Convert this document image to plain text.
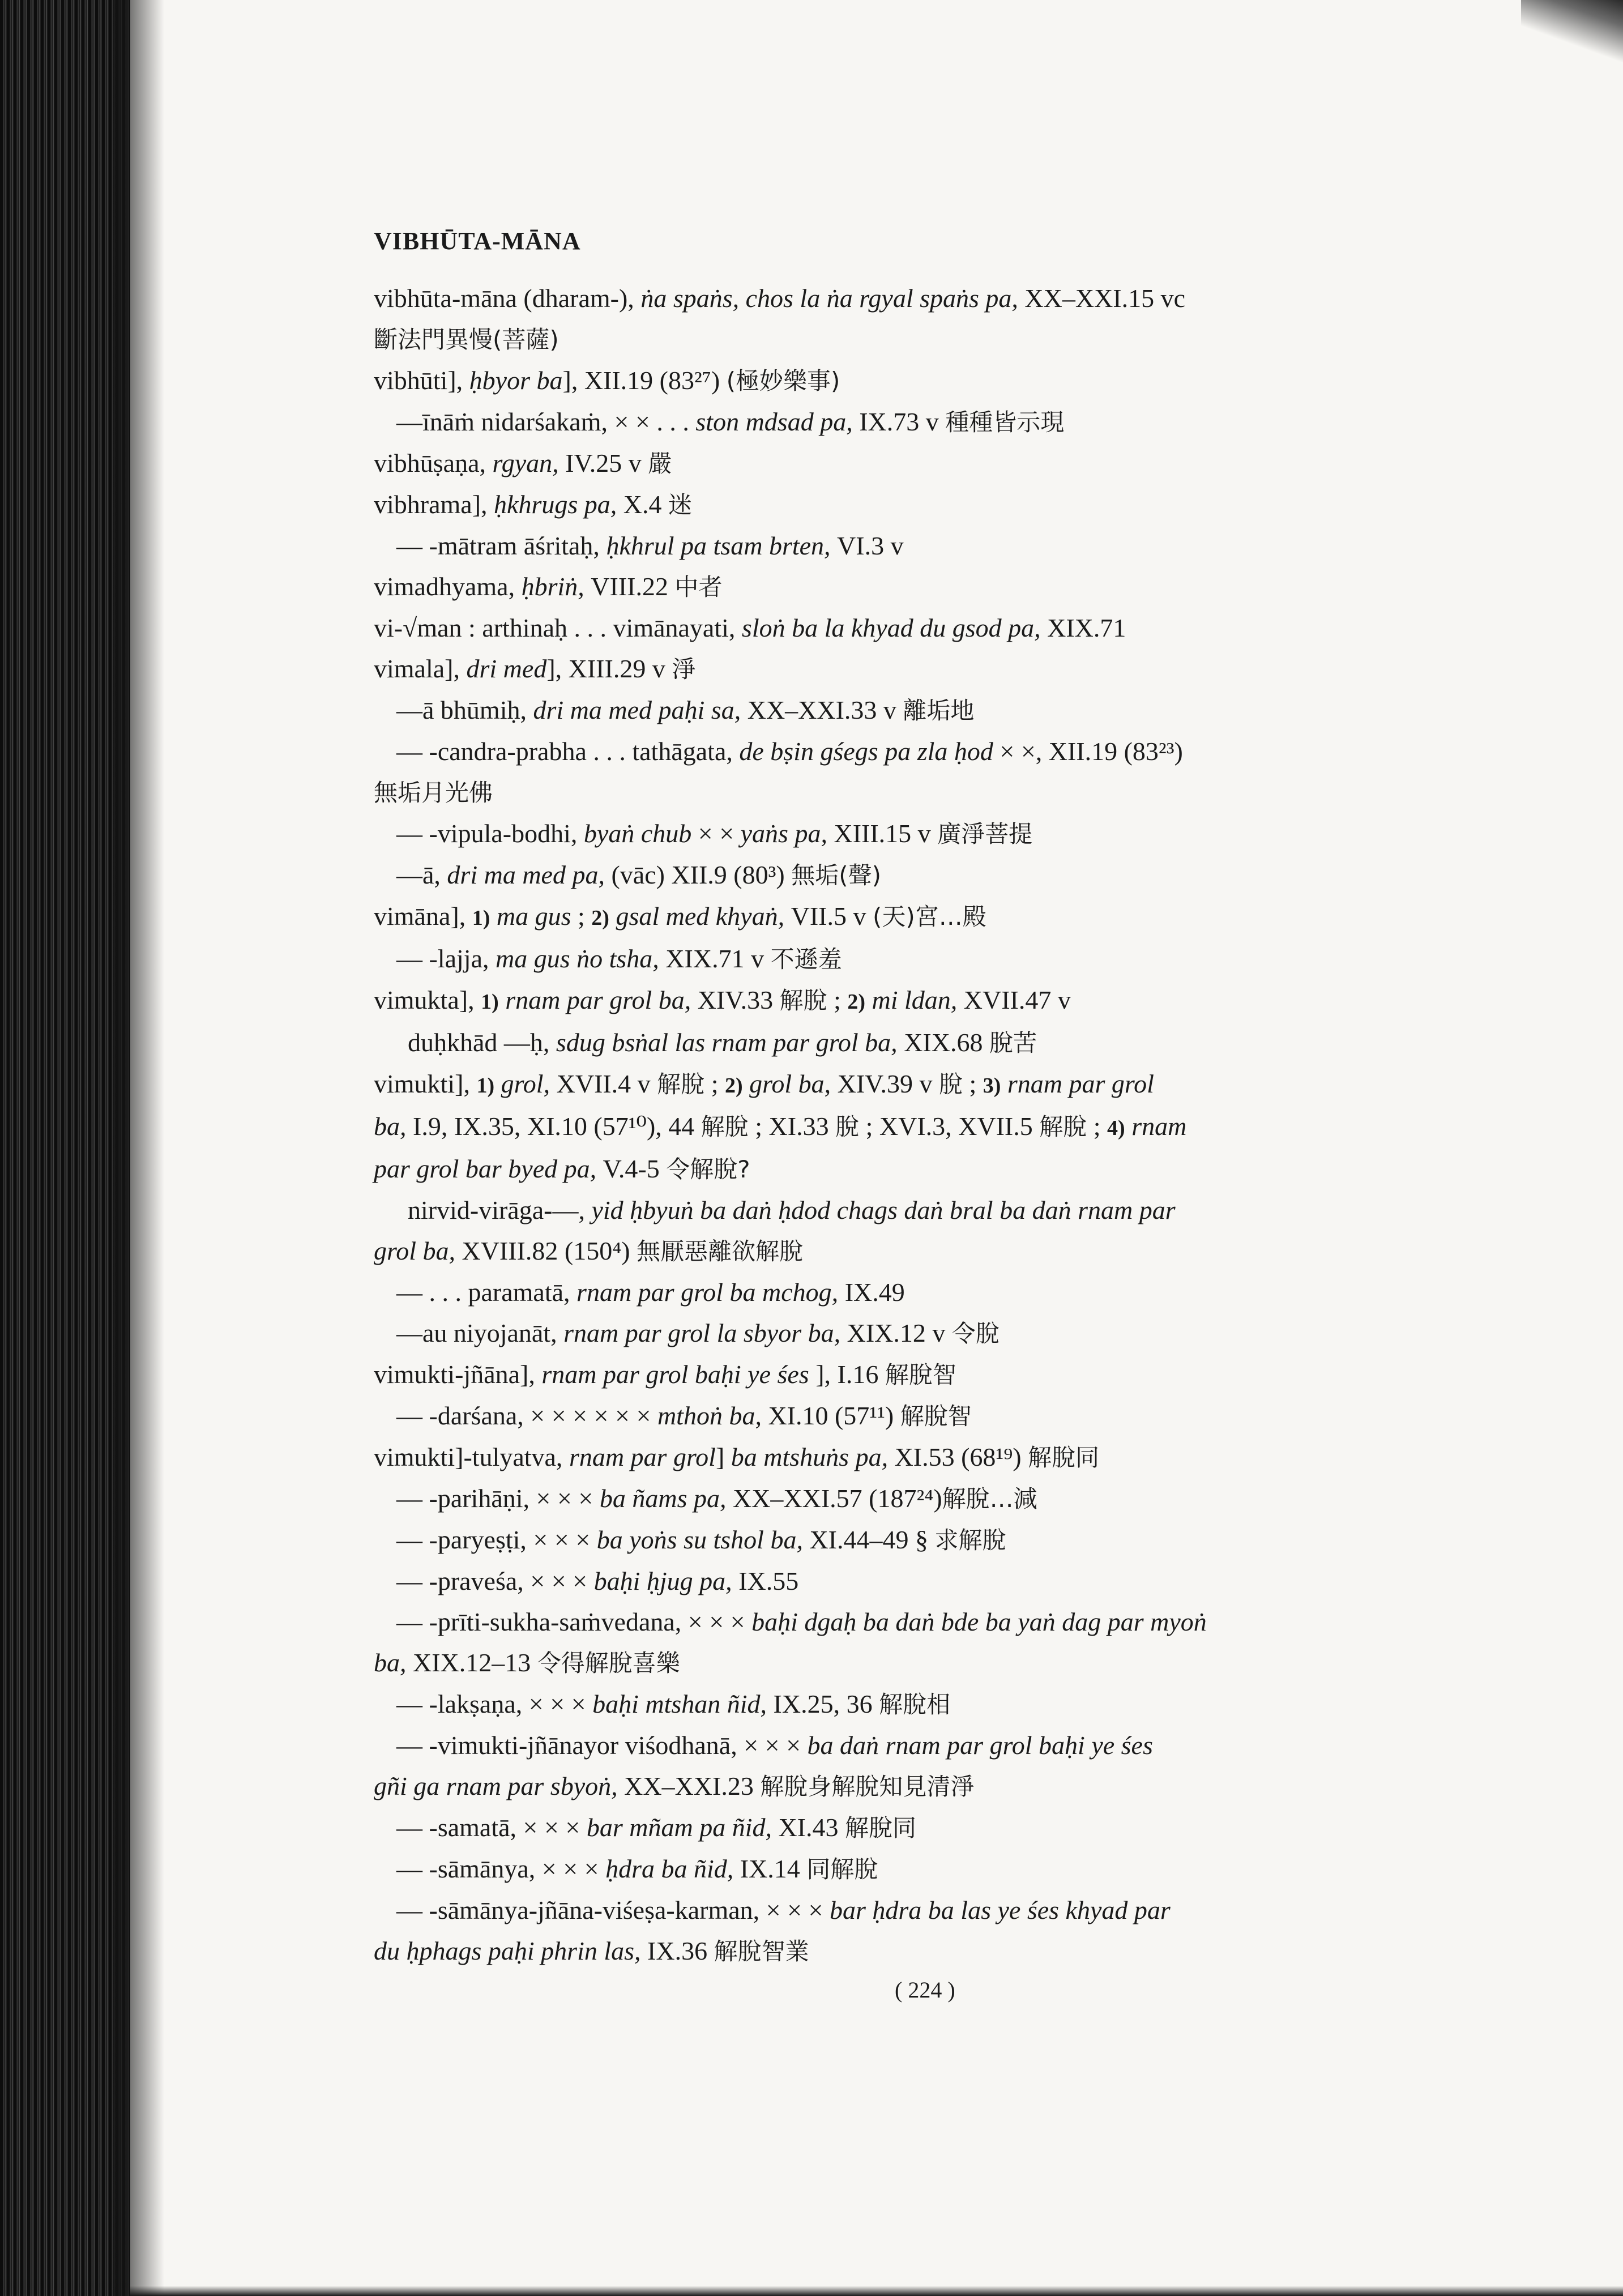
VIBHŪTA-MĀNA
vibhūta-māna (dharam-), ṅa spaṅs, chos la ṅa rgyal spaṅs pa, XX–XXI.15 vc
斷法門異慢(菩薩)
vibhūti], ḥbyor ba], XII.19 (83²⁷) (極妙樂事)
—īnāṁ nidarśakaṁ, × × . . . ston mdsad pa, IX.73 v 種種皆示現
vibhūṣaṇa, rgyan, IV.25 v 嚴
vibhrama], ḥkhrugs pa, X.4 迷
— -mātram āśritaḥ, ḥkhrul pa tsam brten, VI.3 v
vimadhyama, ḥbriṅ, VIII.22 中者
vi-√man : arthinaḥ . . . vimānayati, sloṅ ba la khyad du gsod pa, XIX.71
vimala], dri med], XIII.29 v 淨
—ā bhūmiḥ, dri ma med paḥi sa, XX–XXI.33 v 離垢地
— -candra-prabha . . . tathāgata, de bṣin gśegs pa zla ḥod × ×, XII.19 (83²³)
無垢月光佛
— -vipula-bodhi, byaṅ chub × × yaṅs pa, XIII.15 v 廣淨菩提
—ā, dri ma med pa, (vāc) XII.9 (80³) 無垢(聲)
vimāna], 1) ma gus ; 2) gsal med khyaṅ, VII.5 v (天)宮…殿
— -lajja, ma gus ṅo tsha, XIX.71 v 不遜羞
vimukta], 1) rnam par grol ba, XIV.33 解脫 ; 2) mi ldan, XVII.47 v
duḥkhād —ḥ, sdug bsṅal las rnam par grol ba, XIX.68 脫苦
vimukti], 1) grol, XVII.4 v 解脫 ; 2) grol ba, XIV.39 v 脫 ; 3) rnam par grol
ba, I.9, IX.35, XI.10 (57¹⁰), 44 解脫 ; XI.33 脫 ; XVI.3, XVII.5 解脫 ; 4) rnam
par grol bar byed pa, V.4-5 令解脫?
nirvid-virāga-—, yid ḥbyuṅ ba daṅ ḥdod chags daṅ bral ba daṅ rnam par
grol ba, XVIII.82 (150⁴) 無厭惡離欲解脫
— . . . paramatā, rnam par grol ba mchog, IX.49
—au niyojanāt, rnam par grol la sbyor ba, XIX.12 v 令脫
vimukti-jñāna], rnam par grol baḥi ye śes ], I.16 解脫智
— -darśana, × × × × × × mthoṅ ba, XI.10 (57¹¹) 解脫智
vimukti]-tulyatva, rnam par grol] ba mtshuṅs pa, XI.53 (68¹⁹) 解脫同
— -parihāṇi, × × × ba ñams pa, XX–XXI.57 (187²⁴)解脫…減
— -paryeṣṭi, × × × ba yoṅs su tshol ba, XI.44–49 § 求解脫
— -praveśa, × × × baḥi ḥjug pa, IX.55
— -prīti-sukha-saṁvedana, × × × baḥi dgaḥ ba daṅ bde ba yaṅ dag par myoṅ
ba, XIX.12–13 令得解脫喜樂
— -lakṣaṇa, × × × baḥi mtshan ñid, IX.25, 36 解脫相
— -vimukti-jñānayor viśodhanā, × × × ba daṅ rnam par grol baḥi ye śes
gñi ga rnam par sbyoṅ, XX–XXI.23 解脫身解脫知見清淨
— -samatā, × × × bar mñam pa ñid, XI.43 解脫同
— -sāmānya, × × × ḥdra ba ñid, IX.14 同解脫
— -sāmānya-jñāna-viśeṣa-karman, × × × bar ḥdra ba las ye śes khyad par
du ḥphags paḥi phrin las, IX.36 解脫智業
( 224 )
